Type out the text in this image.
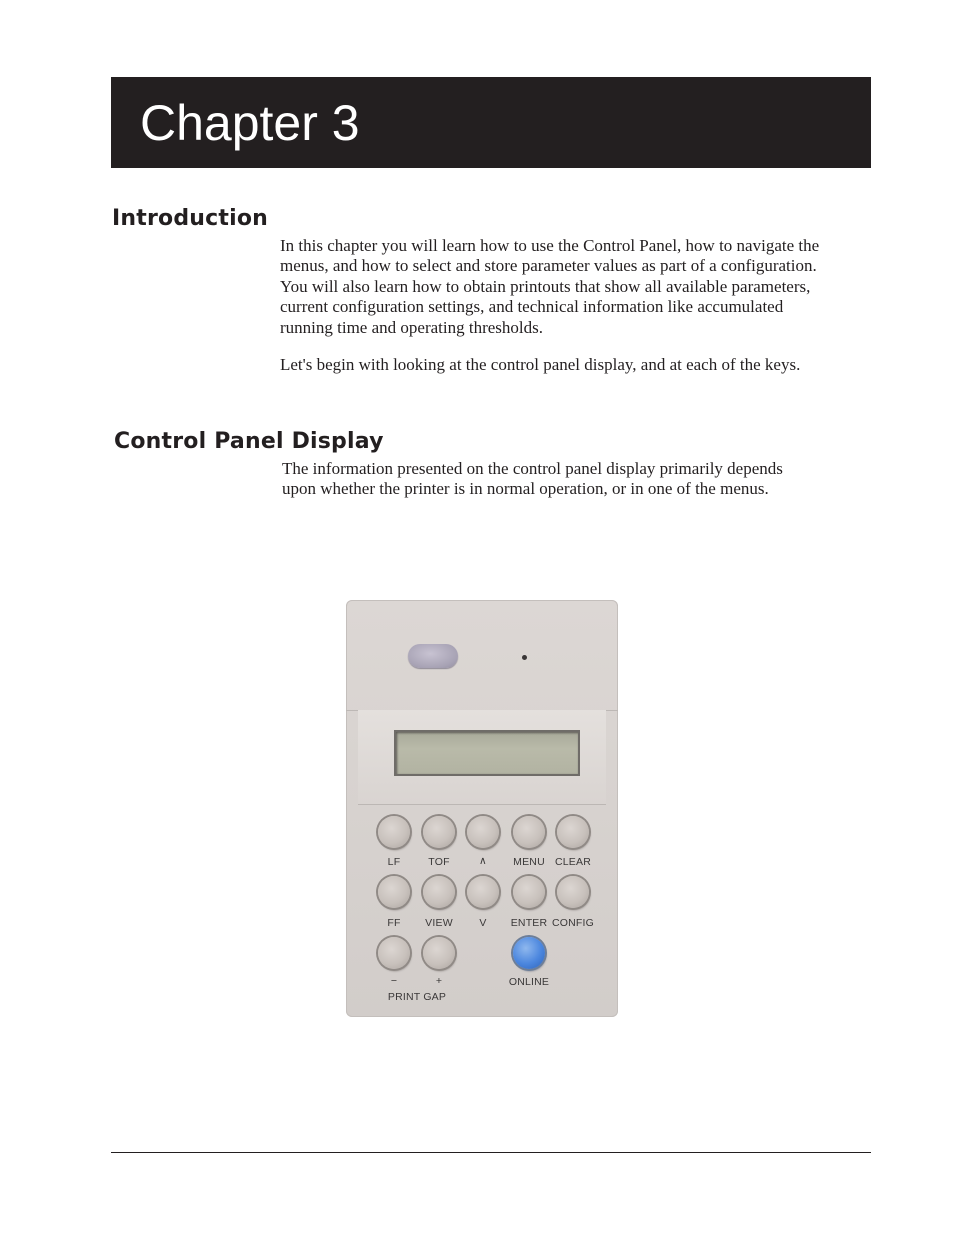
Chapter 3
Introduction

In this chapter you will learn how to use the Control Panel, how to navigate the
menus, and how to select and store parameter values as part of a configuration.
You will also learn how to obtain printouts that show all available parameters,
current configuration settings, and technical information like accumulated
running time and operating thresholds.

Let's begin with looking at the control panel display, and at each of the keys.

Control Panel Display

The information presented on the control panel display primarily depends
upon whether the printer is in normal operation, or in one of the menus.

LF	TOF	∧	MENU CLEAR
FF	VIEW	V	ENTER CONFIG
−	+
PRINT GAP
ONLINE
